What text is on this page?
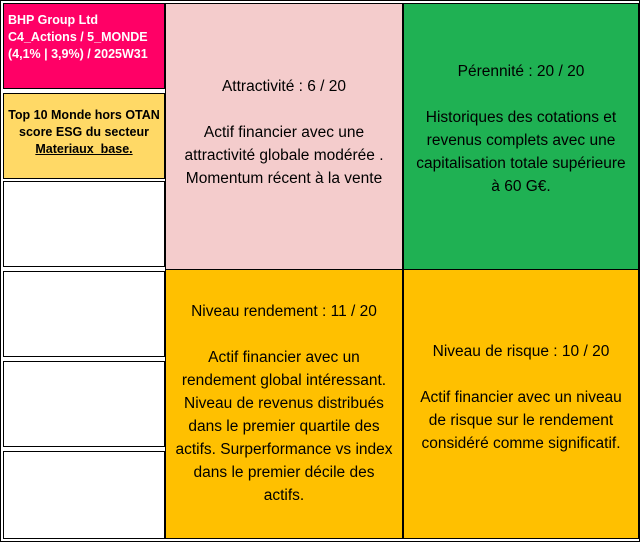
BHP Group Ltd
C4_Actions / 5_MONDE
(4,1% | 3,9%) / 2025W31
Top 10 Monde hors OTAN
score ESG du secteur
Materiaux_base.
Attractivité : 6 / 20
Actif financier avec une attractivité globale modérée . Momentum récent à la vente
Pérennité : 20 / 20
Historiques des cotations et revenus complets avec une capitalisation totale supérieure à 60 G€.
Niveau rendement : 11 / 20
Actif financier avec un rendement global intéressant. Niveau de revenus distribués dans le premier quartile des actifs. Surperformance vs index dans le premier décile des actifs.
Niveau de risque : 10 / 20
Actif financier avec un niveau de risque sur le rendement considéré comme significatif.
